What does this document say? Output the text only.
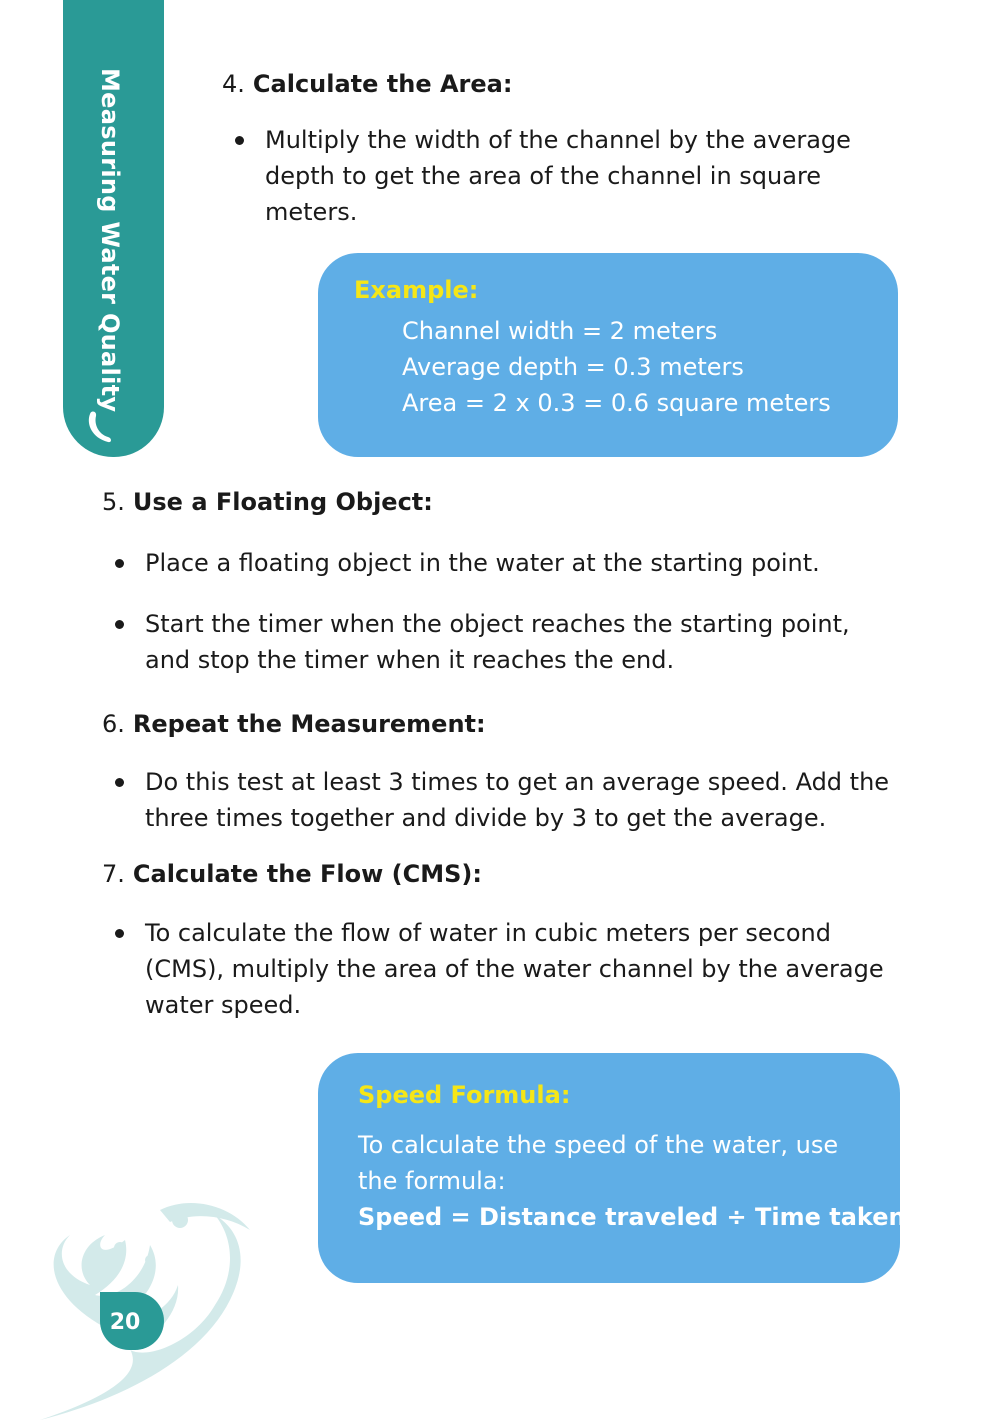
Measuring Water Quality	4. Calculate the Area:
Multiply the width of the channel by the average depth to get the area of the channel in square meters.
Example:
Channel width = 2 meters
Average depth = 0.3 meters
Area = 2 x 0.3 = 0.6 square meters
5. Use a Floating Object:
Place a floating object in the water at the starting point.
Start the timer when the object reaches the starting point, and stop the timer when it reaches the end.
6. Repeat the Measurement:
Do this test at least 3 times to get an average speed. Add the three times together and divide by 3 to get the average.
7. Calculate the Flow (CMS):
To calculate the flow of water in cubic meters per second (CMS), multiply the area of the water channel by the average water speed.
Speed Formula:
To calculate the speed of the water, use
the formula:
Speed = Distance traveled ÷ Time taken
20
